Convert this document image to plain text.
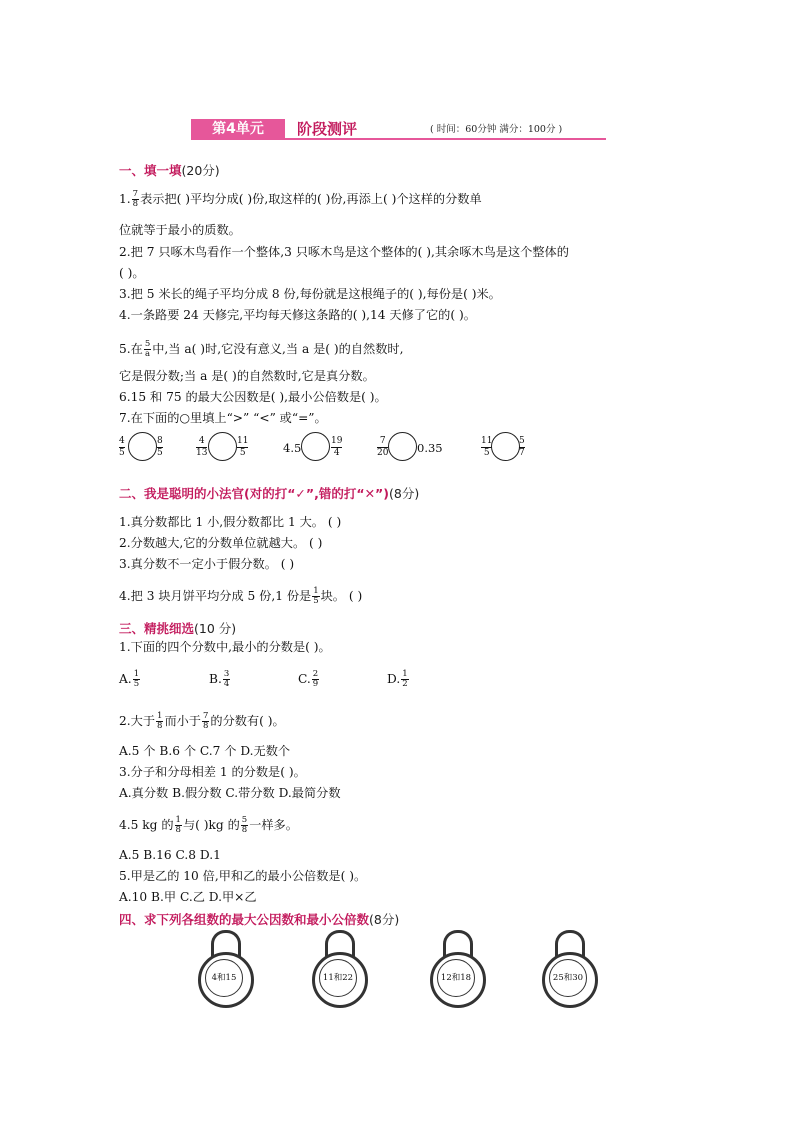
第4单元	阶段测评	( 时间：60分钟 满分：100分 )
一、填一填(20分)
1. $\frac{7}{8}$ 表示把( )平均分成( )份,取这样的( )份,再添上( )个这样的分数单
位就等于最小的质数。
2.把 7 只啄木鸟看作一个整体,3 只啄木鸟是这个整体的( ),其余啄木鸟是这个整体的
( )。
3.把 5 米长的绳子平均分成 8 份,每份就是这根绳子的( ),每份是( )米。
4.一条路要 24 天修完,平均每天修这条路的( ),14 天修了它的( )。
5.在 $\frac{5}{a}$ 中,当 a( )时,它没有意义,当 a 是( )的自然数时,
它是假分数;当 a 是( )的自然数时,它是真分数。
6.15 和 75 的最大公因数是( ),最小公倍数是( )。
7.在下面的○里填上“>” “<” 或“=”。
$\frac{4}{5}$	$\frac{8}{5}$	$\frac{4}{13}$	$\frac{11}{5}$	4.5	$\frac{19}{4}$	$\frac{7}{20} 0.35$	$\frac{11}{5}$	$\frac{5}{7}$
二、我是聪明的小法官(对的打“✓”,错的打“✕”)(8分)
1.真分数都比 1 小,假分数都比 1 大。 ( )
2.分数越大,它的分数单位就越大。 ( )
3.真分数不一定小于假分数。 ( )
4.把 3 块月饼平均分成 5 份,1 份是 $\frac{1}{5}$ 块。 ( )
三、精挑细选(10 分)
1.下面的四个分数中,最小的分数是( )。
A. $\frac{1}{5}$	B. $\frac{3}{4}$	C. $\frac{2}{9}$	D. $\frac{1}{2}$
2.大于 $\frac{1}{8}$ 而小于 $\frac{7}{8}$ 的分数有( )。
A.5 个 B.6 个 C.7 个 D.无数个
3.分子和分母相差 1 的分数是( )。
A.真分数 B.假分数 C.带分数 D.最简分数
4.5 kg 的 $\frac{1}{8}$ 与( )kg 的 $\frac{5}{8}$ 一样多。
A.5 B.16 C.8 D.1
5.甲是乙的 10 倍,甲和乙的最小公倍数是( )。
A.10 B.甲 C.乙 D.甲×乙
四、求下列各组数的最大公因数和最小公倍数(8分)
4和15	11和22	12和18	25和30
